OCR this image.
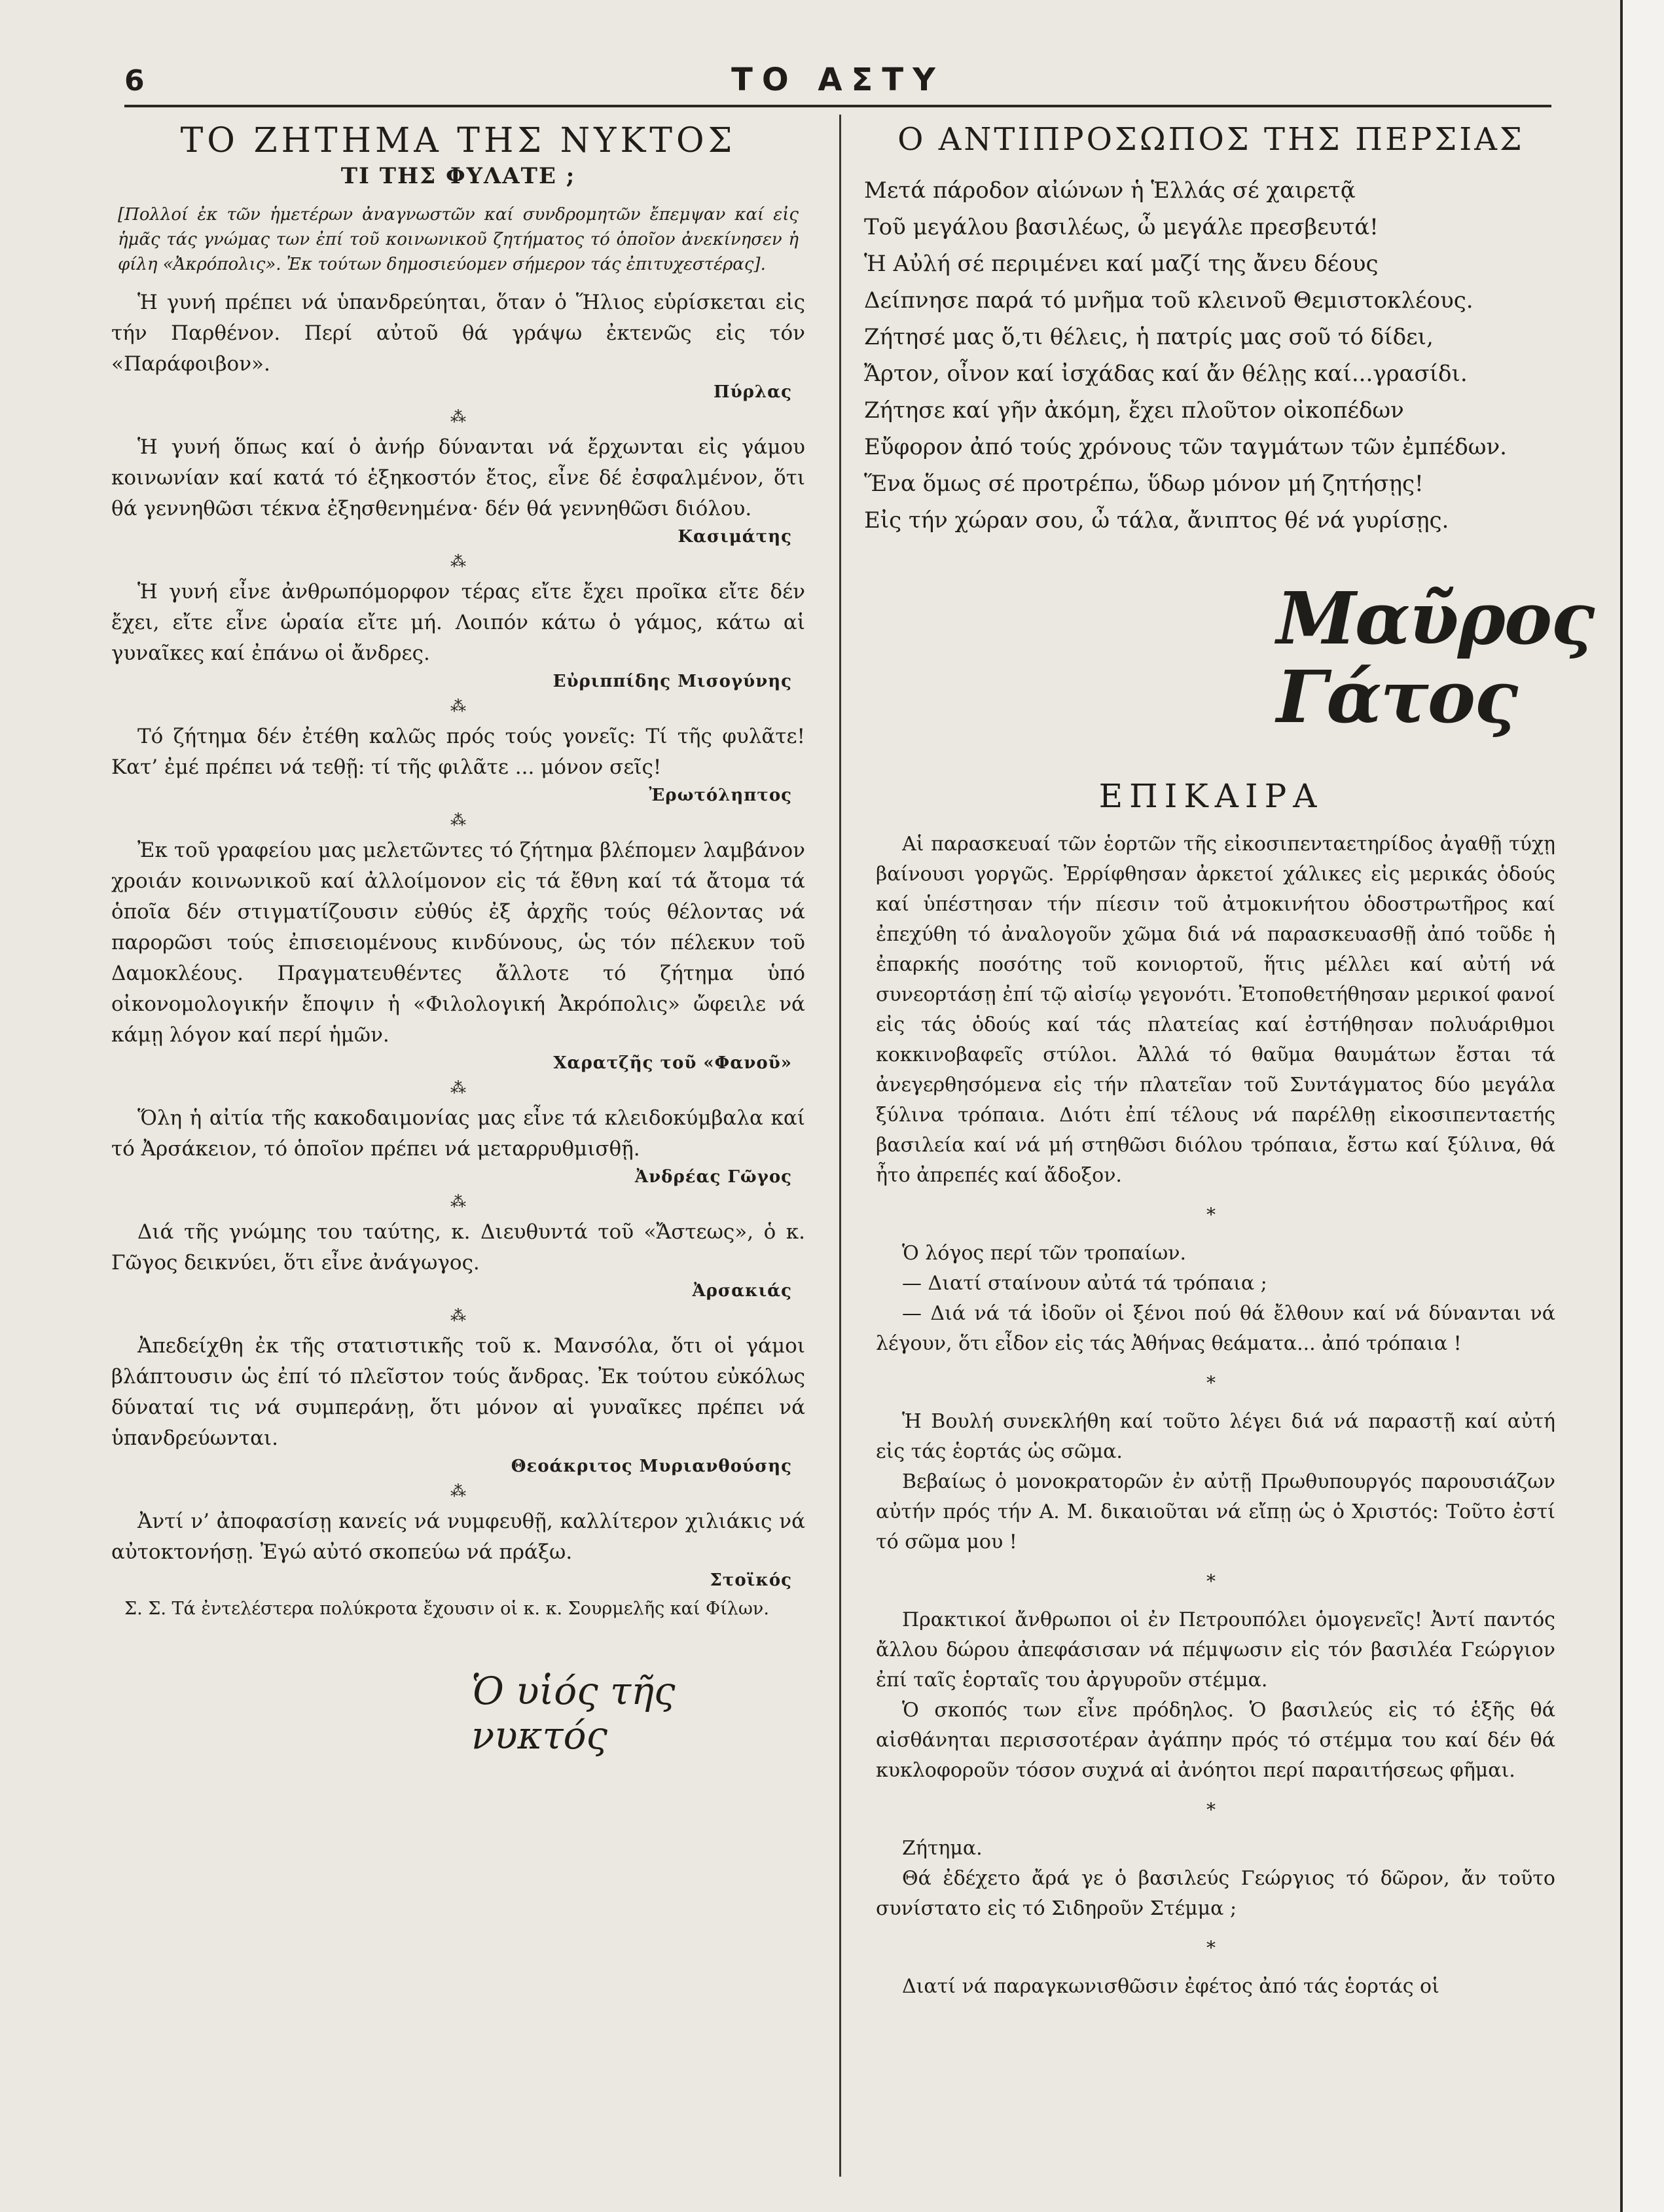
6	ΤΟ ΑΣΤΥ
ΤΟ ΖΗΤΗΜΑ ΤΗΣ ΝΥΚΤΟΣ
ΤΙ ΤΗΣ ΦΥΛΑΤΕ ;
[Πολλοί ἐκ τῶν ἡμετέρων ἀναγνωστῶν καί συνδρομητῶν ἔπεμψαν καί εἰς ἡμᾶς τάς γνώμας των ἐπί τοῦ κοινωνικοῦ ζητήματος τό ὁποῖον ἀνεκίνησεν ἡ φίλη «Ἀκρόπολις». Ἐκ τούτων δημοσιεύομεν σήμερον τάς ἐπιτυχεστέρας].
Ἡ γυνή πρέπει νά ὑπανδρεύηται, ὅταν ὁ Ἥλιος εὑρίσκεται εἰς τήν Παρθένον. Περί αὐτοῦ θά γράψω ἐκτενῶς εἰς τόν «Παράφοιβον».
Πύρλας
⁂
Ἡ γυνή ὅπως καί ὁ ἀνήρ δύνανται νά ἔρχωνται εἰς γάμου κοινωνίαν καί κατά τό ἑξηκοστόν ἔτος, εἶνε δέ ἐσφαλμένον, ὅτι θά γεννηθῶσι τέκνα ἐξησθενημένα· δέν θά γεννηθῶσι διόλου.
Κασιμάτης
⁂
Ἡ γυνή εἶνε ἀνθρωπόμορφον τέρας εἴτε ἔχει προῖκα εἴτε δέν ἔχει, εἴτε εἶνε ὡραία εἴτε μή. Λοιπόν κάτω ὁ γάμος, κάτω αἱ γυναῖκες καί ἐπάνω οἱ ἄνδρες.
Εὐριππίδης Μισογύνης
⁂
Τό ζήτημα δέν ἐτέθη καλῶς πρός τούς γονεῖς: Τί τῆς φυλᾶτε! Κατ’ ἐμέ πρέπει νά τεθῇ: τί τῆς φιλᾶτε ... μόνον σεῖς!
Ἐρωτόληπτος
⁂
Ἐκ τοῦ γραφείου μας μελετῶντες τό ζήτημα βλέπομεν λαμβάνον χροιάν κοινωνικοῦ καί ἀλλοίμονον εἰς τά ἔθνη καί τά ἄτομα τά ὁποῖα δέν στιγματίζουσιν εὐθύς ἐξ ἀρχῆς τούς θέλοντας νά παρορῶσι τούς ἐπισειομένους κινδύνους, ὡς τόν πέλεκυν τοῦ Δαμοκλέους. Πραγματευθέντες ἄλλοτε τό ζήτημα ὑπό οἰκονομολογικήν ἔποψιν ἡ «Φιλολογική Ἀκρόπολις» ὤφειλε νά κάμῃ λόγον καί περί ἡμῶν.
Χαρατζῆς τοῦ «Φανοῦ»
⁂
Ὅλη ἡ αἰτία τῆς κακοδαιμονίας μας εἶνε τά κλειδοκύμβαλα καί τό Ἀρσάκειον, τό ὁποῖον πρέπει νά μεταρρυθμισθῇ.
Ἀνδρέας Γῶγος
⁂
Διά τῆς γνώμης του ταύτης, κ. Διευθυντά τοῦ «Ἄστεως», ὁ κ. Γῶγος δεικνύει, ὅτι εἶνε ἀνάγωγος.
Ἀρσακιάς
⁂
Ἀπεδείχθη ἐκ τῆς στατιστικῆς τοῦ κ. Μανσόλα, ὅτι οἱ γάμοι βλάπτουσιν ὡς ἐπί τό πλεῖστον τούς ἄνδρας. Ἐκ τούτου εὐκόλως δύναταί τις νά συμπεράνῃ, ὅτι μόνον αἱ γυναῖκες πρέπει νά ὑπανδρεύωνται.
Θεοάκριτος Μυριανθούσης
⁂
Ἀντί ν’ ἀποφασίσῃ κανείς νά νυμφευθῇ, καλλίτερον χιλιάκις νά αὐτοκτονήσῃ. Ἐγώ αὐτό σκοπεύω νά πράξω.
Στοϊκός
Σ. Σ. Τά ἐντελέστερα πολύκροτα ἔχουσιν οἱ κ. κ. Σουρμελῆς καί Φίλων.
Ὁ υἱός τῆς νυκτός
Ο ΑΝΤΙΠΡΟΣΩΠΟΣ ΤΗΣ ΠΕΡΣΙΑΣ
Μετά πάροδον αἰώνων ἡ Ἑλλάς σέ χαιρετᾷ
Τοῦ μεγάλου βασιλέως, ὦ μεγάλε πρεσβευτά!
Ἡ Αὐλή σέ περιμένει καί μαζί της ἄνευ δέους
Δείπνησε παρά τό μνῆμα τοῦ κλεινοῦ Θεμιστοκλέους.
Ζήτησέ μας ὅ,τι θέλεις, ἡ πατρίς μας σοῦ τό δίδει,
Ἄρτον, οἶνον καί ἰσχάδας καί ἄν θέλῃς καί...γρασίδι.
Ζήτησε καί γῆν ἀκόμη, ἔχει πλοῦτον οἰκοπέδων
Εὔφορον ἀπό τούς χρόνους τῶν ταγμάτων τῶν ἐμπέδων.
Ἕνα ὅμως σέ προτρέπω, ὕδωρ μόνον μή ζητήσῃς!
Εἰς τήν χώραν σου, ὦ τάλα, ἄνιπτος θέ νά γυρίσῃς.
Μαῦρος Γάτος
ΕΠΙΚΑΙΡΑ
Αἱ παρασκευαί τῶν ἑορτῶν τῆς εἰκοσιπενταετηρίδος ἀγαθῇ τύχῃ βαίνουσι γοργῶς. Ἐρρίφθησαν ἀρκετοί χάλικες εἰς μερικάς ὁδούς καί ὑπέστησαν τήν πίεσιν τοῦ ἀτμοκινήτου ὁδοστρωτῆρος καί ἐπεχύθη τό ἀναλογοῦν χῶμα διά νά παρασκευασθῇ ἀπό τοῦδε ἡ ἐπαρκής ποσότης τοῦ κονιορτοῦ, ἥτις μέλλει καί αὐτή νά συνεορτάσῃ ἐπί τῷ αἰσίῳ γεγονότι. Ἐτοποθετήθησαν μερικοί φανοί εἰς τάς ὁδούς καί τάς πλατείας καί ἐστήθησαν πολυάριθμοι κοκκινοβαφεῖς στύλοι. Ἀλλά τό θαῦμα θαυμάτων ἔσται τά ἀνεγερθησόμενα εἰς τήν πλατεῖαν τοῦ Συντάγματος δύο μεγάλα ξύλινα τρόπαια. Διότι ἐπί τέλους νά παρέλθῃ εἰκοσιπενταετής βασιλεία καί νά μή στηθῶσι διόλου τρόπαια, ἔστω καί ξύλινα, θά ἦτο ἀπρεπές καί ἄδοξον.
*
Ὁ λόγος περί τῶν τροπαίων.
— Διατί σταίνουν αὐτά τά τρόπαια ;
— Διά νά τά ἰδοῦν οἱ ξένοι πού θά ἔλθουν καί νά δύνανται νά λέγουν, ὅτι εἶδον εἰς τάς Ἀθήνας θεάματα... ἀπό τρόπαια !
*
Ἡ Βουλή συνεκλήθη καί τοῦτο λέγει διά νά παραστῇ καί αὐτή εἰς τάς ἑορτάς ὡς σῶμα.
Βεβαίως ὁ μονοκρατορῶν ἐν αὐτῇ Πρωθυπουργός παρουσιάζων αὐτήν πρός τήν Α. Μ. δικαιοῦται νά εἴπῃ ὡς ὁ Χριστός: Τοῦτο ἐστί τό σῶμα μου !
*
Πρακτικοί ἄνθρωποι οἱ ἐν Πετρουπόλει ὁμογενεῖς! Ἀντί παντός ἄλλου δώρου ἀπεφάσισαν νά πέμψωσιν εἰς τόν βασιλέα Γεώργιον ἐπί ταῖς ἑορταῖς του ἀργυροῦν στέμμα.
Ὁ σκοπός των εἶνε πρόδηλος. Ὁ βασιλεύς εἰς τό ἑξῆς θά αἰσθάνηται περισσοτέραν ἀγάπην πρός τό στέμμα του καί δέν θά κυκλοφοροῦν τόσον συχνά αἱ ἀνόητοι περί παραιτήσεως φῆμαι.
*
Ζήτημα.
Θά ἐδέχετο ἄρά γε ὁ βασιλεύς Γεώργιος τό δῶρον, ἄν τοῦτο συνίστατο εἰς τό Σιδηροῦν Στέμμα ;
*
Διατί νά παραγκωνισθῶσιν ἐφέτος ἀπό τάς ἑορτάς οἱ
